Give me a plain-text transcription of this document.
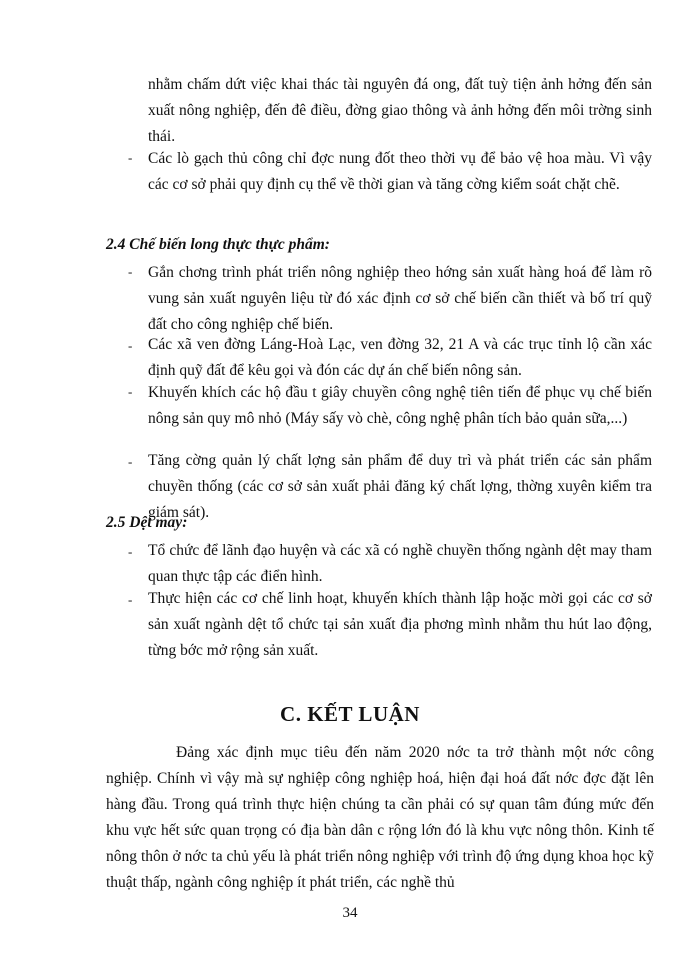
nhằm chấm dứt việc khai thác tài nguyên đá ong, đất tuỳ tiện ảnh hởng đến sản xuất nông nghiệp, đến đê điều, đờng giao thông và ảnh hởng đến môi trờng sinh thái.
- Các lò gạch thủ công chỉ đợc nung đốt theo thời vụ để bảo vệ hoa màu. Vì vậy các cơ sở phải quy định cụ thể về thời gian và tăng cờng kiểm soát chặt chẽ.
2.4 Chế biến long thực thực phẩm:
- Gắn chơng trình phát triển nông nghiệp theo hớng sản xuất hàng hoá để làm rõ vung sản xuất nguyên liệu từ đó xác định cơ sở chế biến cần thiết và bố trí quỹ đất cho công nghiệp chế biến.
- Các xã ven đờng Láng-Hoà Lạc, ven đờng 32, 21 A và các trục tỉnh lộ cần xác định quỹ đất để kêu gọi và đón các dự án chế biến nông sản.
- Khuyến khích các hộ đầu t giây chuyền công nghệ tiên tiến để phục vụ chế biến nông sản quy mô nhỏ (Máy sấy vò chè, công nghệ phân tích bảo quản sữa,...)
- Tăng cờng quản lý chất lợng sản phẩm để duy trì và phát triển các sản phẩm chuyền thống (các cơ sở sản xuất phải đăng ký chất lợng, thờng xuyên kiểm tra giám sát).
2.5 Dệt may:
- Tổ chức để lãnh đạo huyện và các xã có nghề chuyền thống ngành dệt may tham quan thực tập các điển hình.
- Thực hiện các cơ chế linh hoạt, khuyến khích thành lập hoặc mời gọi các cơ sở sản xuất ngành dệt tổ chức tại sản xuất địa phơng mình nhằm thu hút lao động, từng bớc mở rộng sản xuất.
C. KẾT LUẬN
Đảng xác định mục tiêu đến năm 2020 nớc ta trở thành một nớc công nghiệp. Chính vì vậy mà sự nghiệp công nghiệp hoá, hiện đại hoá đất nớc đợc đặt lên hàng đầu. Trong quá trình thực hiện chúng ta cần phải có sự quan tâm đúng mức đến khu vực hết sức quan trọng có địa bàn dân c rộng lớn đó là khu vực nông thôn. Kinh tế nông thôn ở nớc ta chủ yếu là phát triển nông nghiệp với trình độ ứng dụng khoa học kỹ thuật thấp, ngành công nghiệp ít phát triển, các nghề thủ
34
